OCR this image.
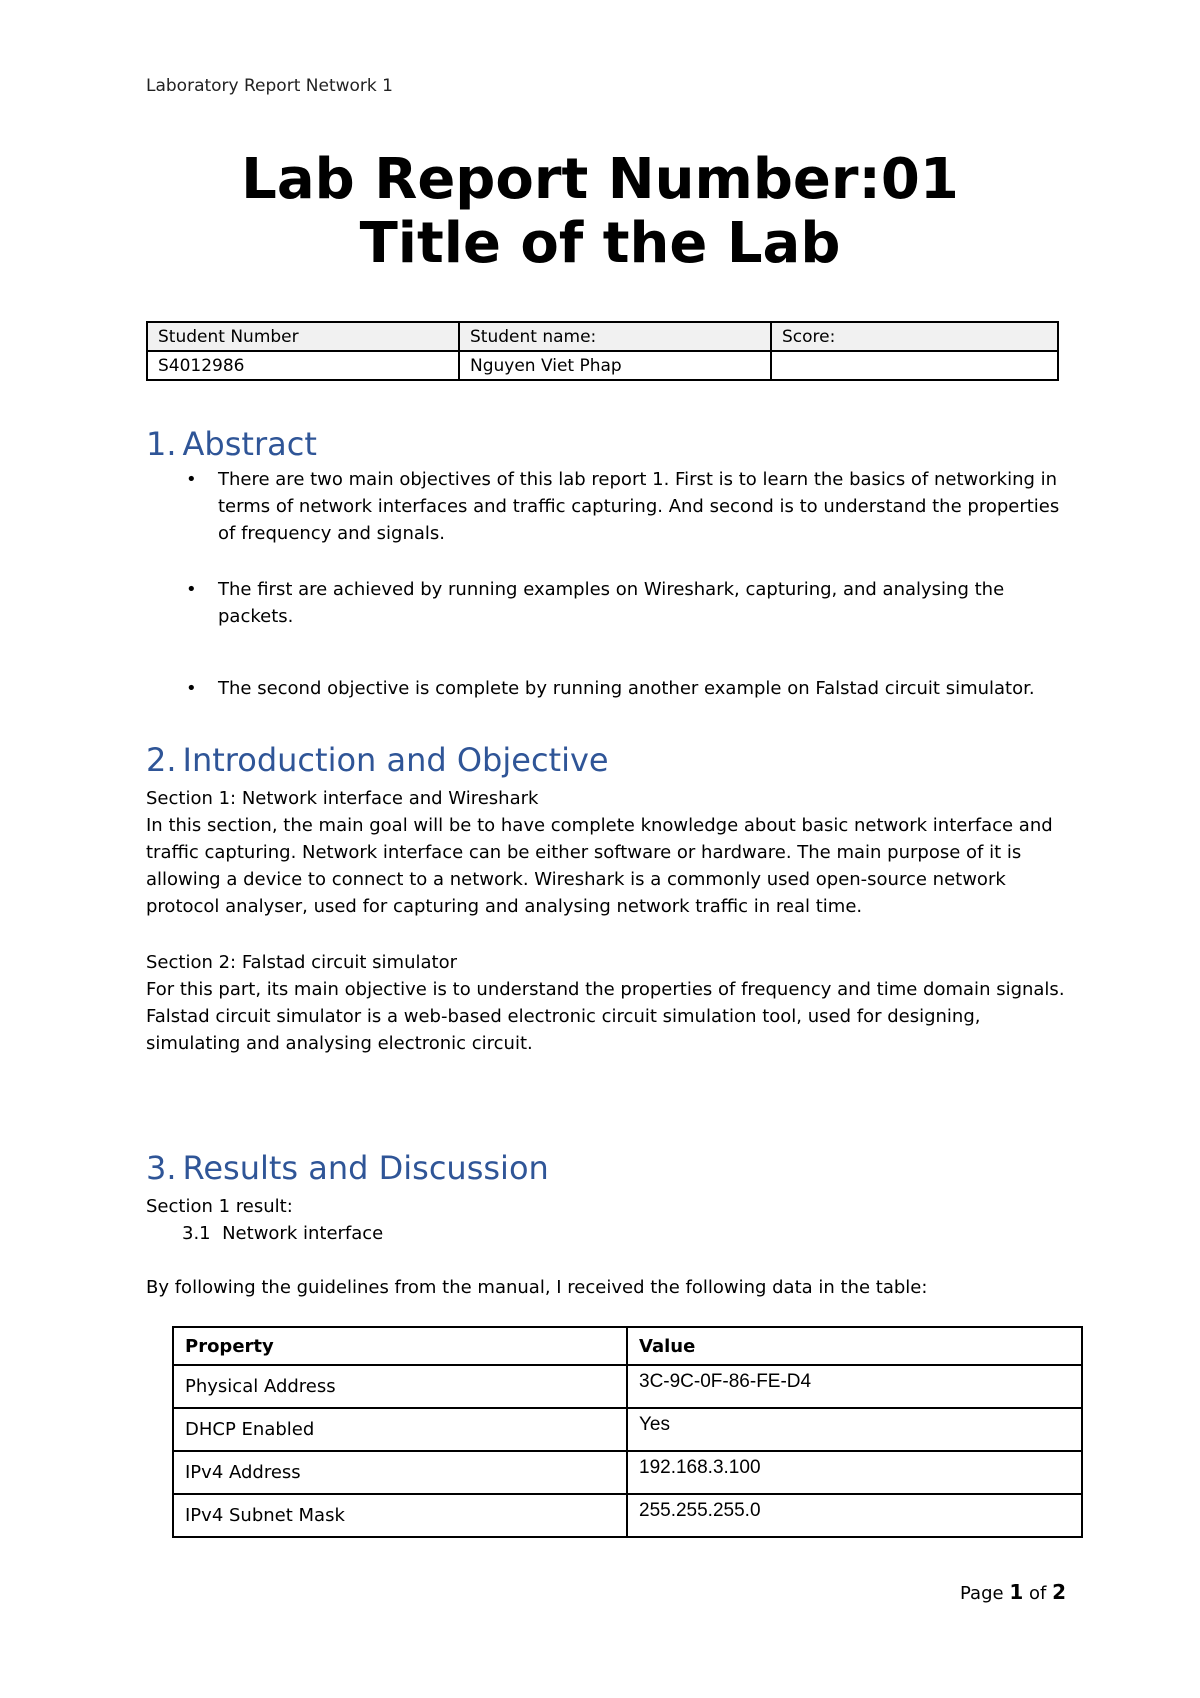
Laboratory Report Network 1
Lab Report Number:01
Title of the Lab
Student Number	Student name:	Score:
S4012986	Nguyen Viet Phap	
1. Abstract
• There are two main objectives of this lab report 1. First is to learn the basics of networking in terms of network interfaces and traffic capturing. And second is to understand the properties of frequency and signals.
• The first are achieved by running examples on Wireshark, capturing, and analysing the packets.
• The second objective is complete by running another example on Falstad circuit simulator.
2. Introduction and Objective

Section 1: Network interface and Wireshark

In this section, the main goal will be to have complete knowledge about basic network interface and traffic capturing. Network interface can be either software or hardware. The main purpose of it is allowing a device to connect to a network. Wireshark is a commonly used open-source network protocol analyser, used for capturing and analysing network traffic in real time.

Section 2: Falstad circuit simulator

For this part, its main objective is to understand the properties of frequency and time domain signals. Falstad circuit simulator is a web-based electronic circuit simulation tool, used for designing, simulating and analysing electronic circuit.

3. Results and Discussion
Section 1 result:
3.1 Network interface
By following the guidelines from the manual, I received the following data in the table:
Property	Value
Physical Address	3C-9C-0F-86-FE-D4
DHCP Enabled	Yes
IPv4 Address	192.168.3.100
IPv4 Subnet Mask	255.255.255.0
Page 1 of 2
